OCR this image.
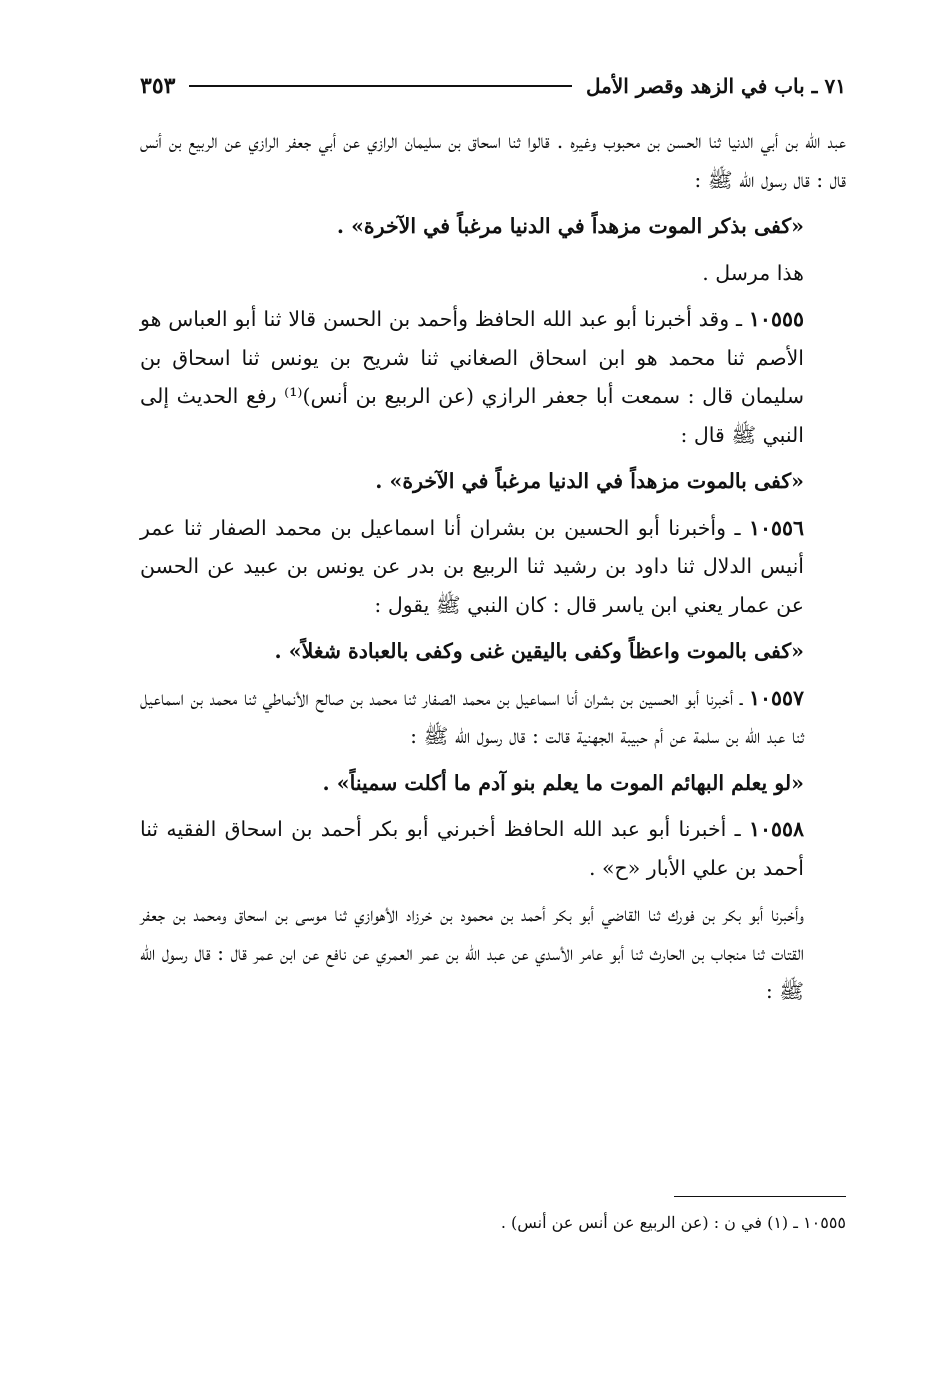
٧١ ـ باب في الزهد وقصر الأمل
٣٥٣

عبد الله بن أبي الدنيا ثنا الحسن بن محبوب وغيره . قالوا ثنا اسحاق بن سليمان الرازي عن أبي جعفر الرازي عن الربيع بن أنس قال : قال رسول الله ﷺ :

«كفى بذكر الموت مزهداً في الدنيا مرغباً في الآخرة» .

هذا مرسل .

١٠٥٥٥ ـ وقد أخبرنا أبو عبد الله الحافظ وأحمد بن الحسن قالا ثنا أبو العباس هو الأصم ثنا محمد هو ابن اسحاق الصغاني ثنا شريح بن يونس ثنا اسحاق بن سليمان قال : سمعت أبا جعفر الرازي (عن الربيع بن أنس)⁽¹⁾ رفع الحديث إلى النبي ﷺ قال :

«كفى بالموت مزهداً في الدنيا مرغباً في الآخرة» .

١٠٥٥٦ ـ وأخبرنا أبو الحسين بن بشران أنا اسماعيل بن محمد الصفار ثنا عمر أنيس الدلال ثنا داود بن رشيد ثنا الربيع بن بدر عن يونس بن عبيد عن الحسن عن عمار يعني ابن ياسر قال : كان النبي ﷺ يقول :

«كفى بالموت واعظاً وكفى باليقين غنى وكفى بالعبادة شغلاً» .

١٠٥٥٧ ـ أخبرنا أبو الحسين بن بشران أنا اسماعيل بن محمد الصفار ثنا محمد بن صالح الأنماطي ثنا محمد بن اسماعيل ثنا عبد الله بن سلمة عن أم حبيبة الجهنية قالت : قال رسول الله ﷺ :

«لو يعلم البهائم الموت ما يعلم بنو آدم ما أكلت سميناً» .

١٠٥٥٨ ـ أخبرنا أبو عبد الله الحافظ أخبرني أبو بكر أحمد بن اسحاق الفقيه ثنا أحمد بن علي الأبار «ح» .

وأخبرنا أبو بكر بن فورك ثنا القاضي أبو بكر أحمد بن محمود بن خرزاد الأهوازي ثنا موسى بن اسحاق ومحمد بن جعفر القتات ثنا منجاب بن الحارث ثنا أبو عامر الأسدي عن عبد الله بن عمر العمري عن نافع عن ابن عمر قال : قال رسول الله ﷺ :

١٠٥٥٥ ـ (١) في ن : (عن الربيع عن أنس عن أنس) .
